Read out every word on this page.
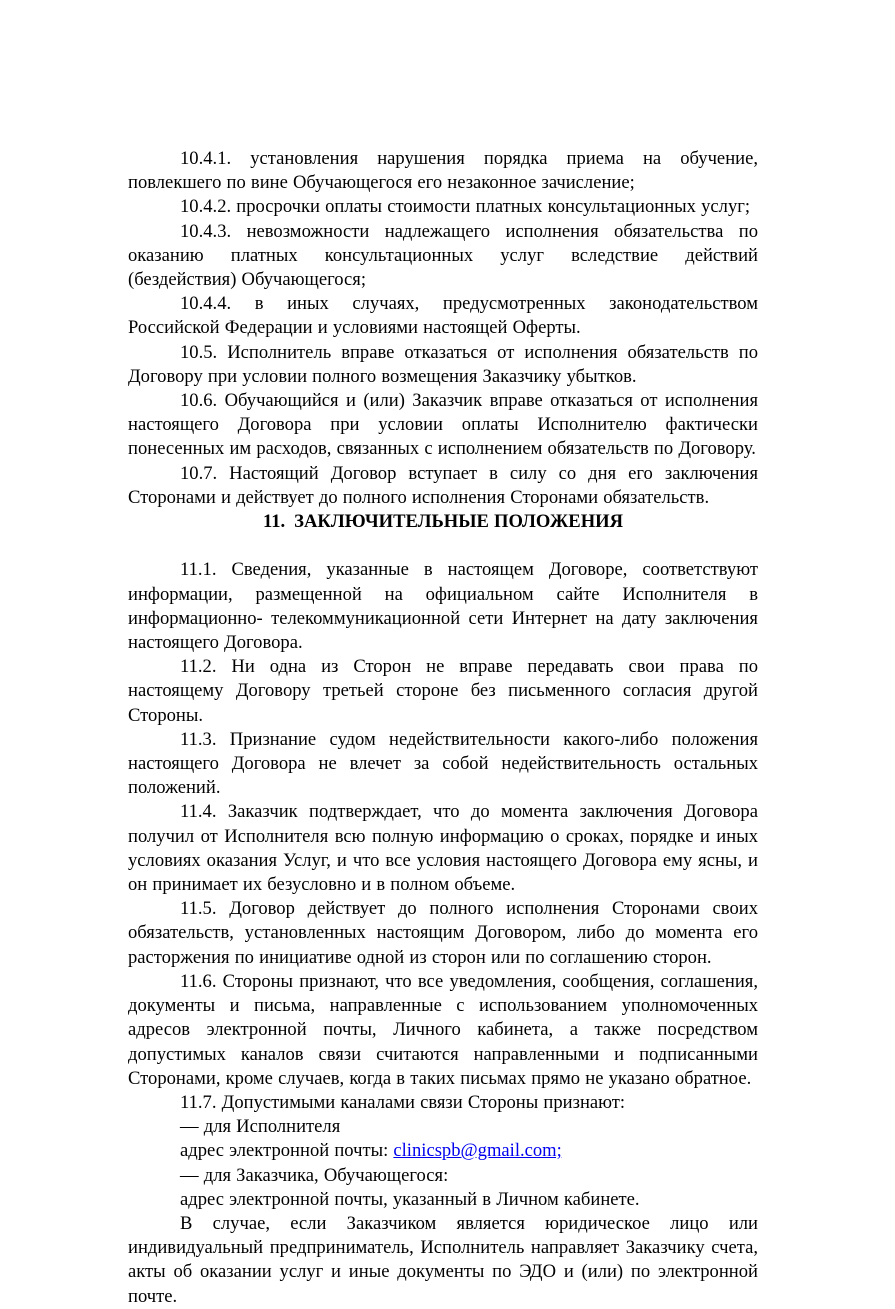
10.4.1. установления нарушения порядка приема на обучение, повлекшего по вине Обучающегося его незаконное зачисление;

10.4.2. просрочки оплаты стоимости платных консультационных услуг;

10.4.3. невозможности надлежащего исполнения обязательства по оказанию платных консультационных услуг вследствие действий (бездействия) Обучающегося;

10.4.4. в иных случаях, предусмотренных законодательством Российской Федерации и условиями настоящей Оферты.

10.5. Исполнитель вправе отказаться от исполнения обязательств по Договору при условии полного возмещения Заказчику убытков.

10.6. Обучающийся и (или) Заказчик вправе отказаться от исполнения настоящего Договора при условии оплаты Исполнителю фактически понесенных им расходов, связанных с исполнением обязательств по Договору.

10.7. Настоящий Договор вступает в силу со дня его заключения Сторонами и действует до полного исполнения Сторонами обязательств.

11. ЗАКЛЮЧИТЕЛЬНЫЕ ПОЛОЖЕНИЯ

11.1. Сведения, указанные в настоящем Договоре, соответствуют информации, размещенной на официальном сайте Исполнителя в информационно- телекоммуникационной сети Интернет на дату заключения настоящего Договора.

11.2. Ни одна из Сторон не вправе передавать свои права по настоящему Договору третьей стороне без письменного согласия другой Стороны.

11.3. Признание судом недействительности какого-либо положения настоящего Договора не влечет за собой недействительность остальных положений.

11.4. Заказчик подтверждает, что до момента заключения Договора получил от Исполнителя всю полную информацию о сроках, порядке и иных условиях оказания Услуг, и что все условия настоящего Договора ему ясны, и он принимает их безусловно и в полном объеме.

11.5. Договор действует до полного исполнения Сторонами своих обязательств, установленных настоящим Договором, либо до момента его расторжения по инициативе одной из сторон или по соглашению сторон.

11.6. Стороны признают, что все уведомления, сообщения, соглашения, документы и письма, направленные с использованием уполномоченных адресов электронной почты, Личного кабинета, а также посредством допустимых каналов связи считаются направленными и подписанными Сторонами, кроме случаев, когда в таких письмах прямо не указано обратное.

11.7. Допустимыми каналами связи Стороны признают:

— для Исполнителя

адрес электронной почты: clinicspb@gmail.com;

— для Заказчика, Обучающегося:

адрес электронной почты, указанный в Личном кабинете.

В случае, если Заказчиком является юридическое лицо или индивидуальный предприниматель, Исполнитель направляет Заказчику счета, акты об оказании услуг и иные документы по ЭДО и (или) по электронной почте.
